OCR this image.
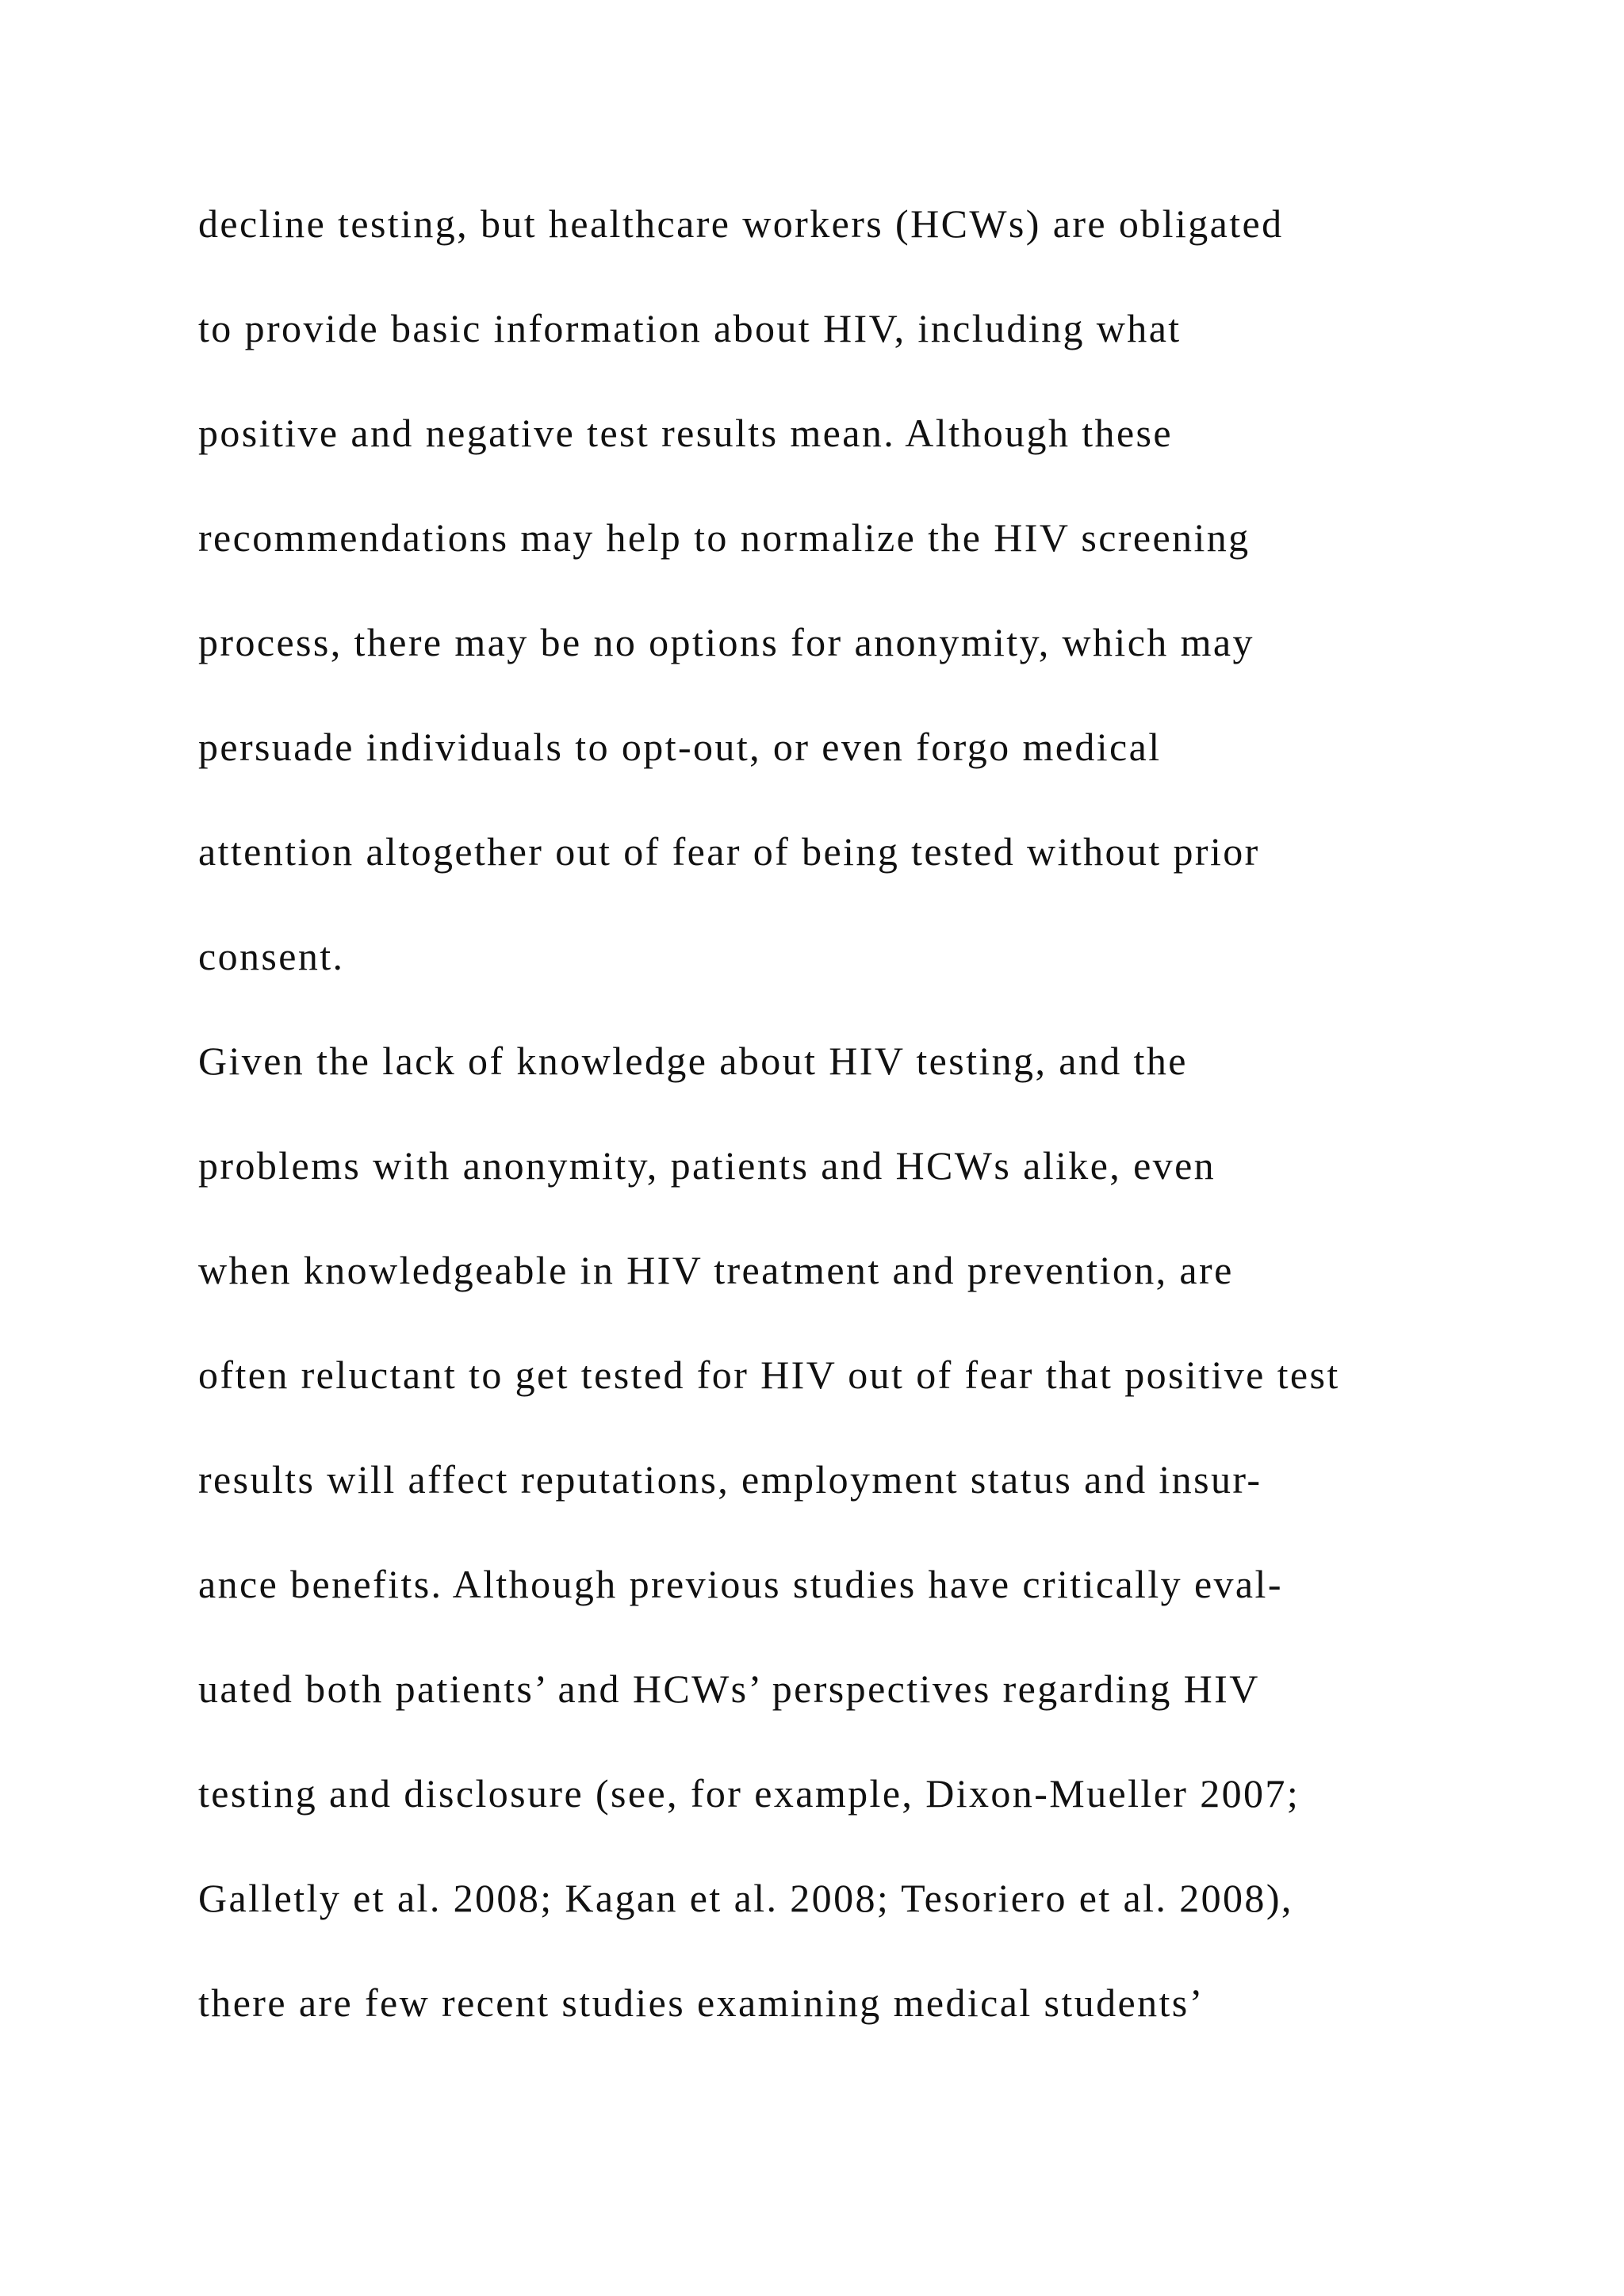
decline testing, but healthcare workers (HCWs) are obligated
to provide basic information about HIV, including what
positive and negative test results mean. Although these
recommendations may help to normalize the HIV screening
process, there may be no options for anonymity, which may
persuade individuals to opt-out, or even forgo medical
attention altogether out of fear of being tested without prior
consent.
Given the lack of knowledge about HIV testing, and the
problems with anonymity, patients and HCWs alike, even
when knowledgeable in HIV treatment and prevention, are
often reluctant to get tested for HIV out of fear that positive test
results will affect reputations, employment status and insur-
ance benefits. Although previous studies have critically eval-
uated both patients’ and HCWs’ perspectives regarding HIV
testing and disclosure (see, for example, Dixon-Mueller 2007;
Galletly et al. 2008; Kagan et al. 2008; Tesoriero et al. 2008),
there are few recent studies examining medical students’
